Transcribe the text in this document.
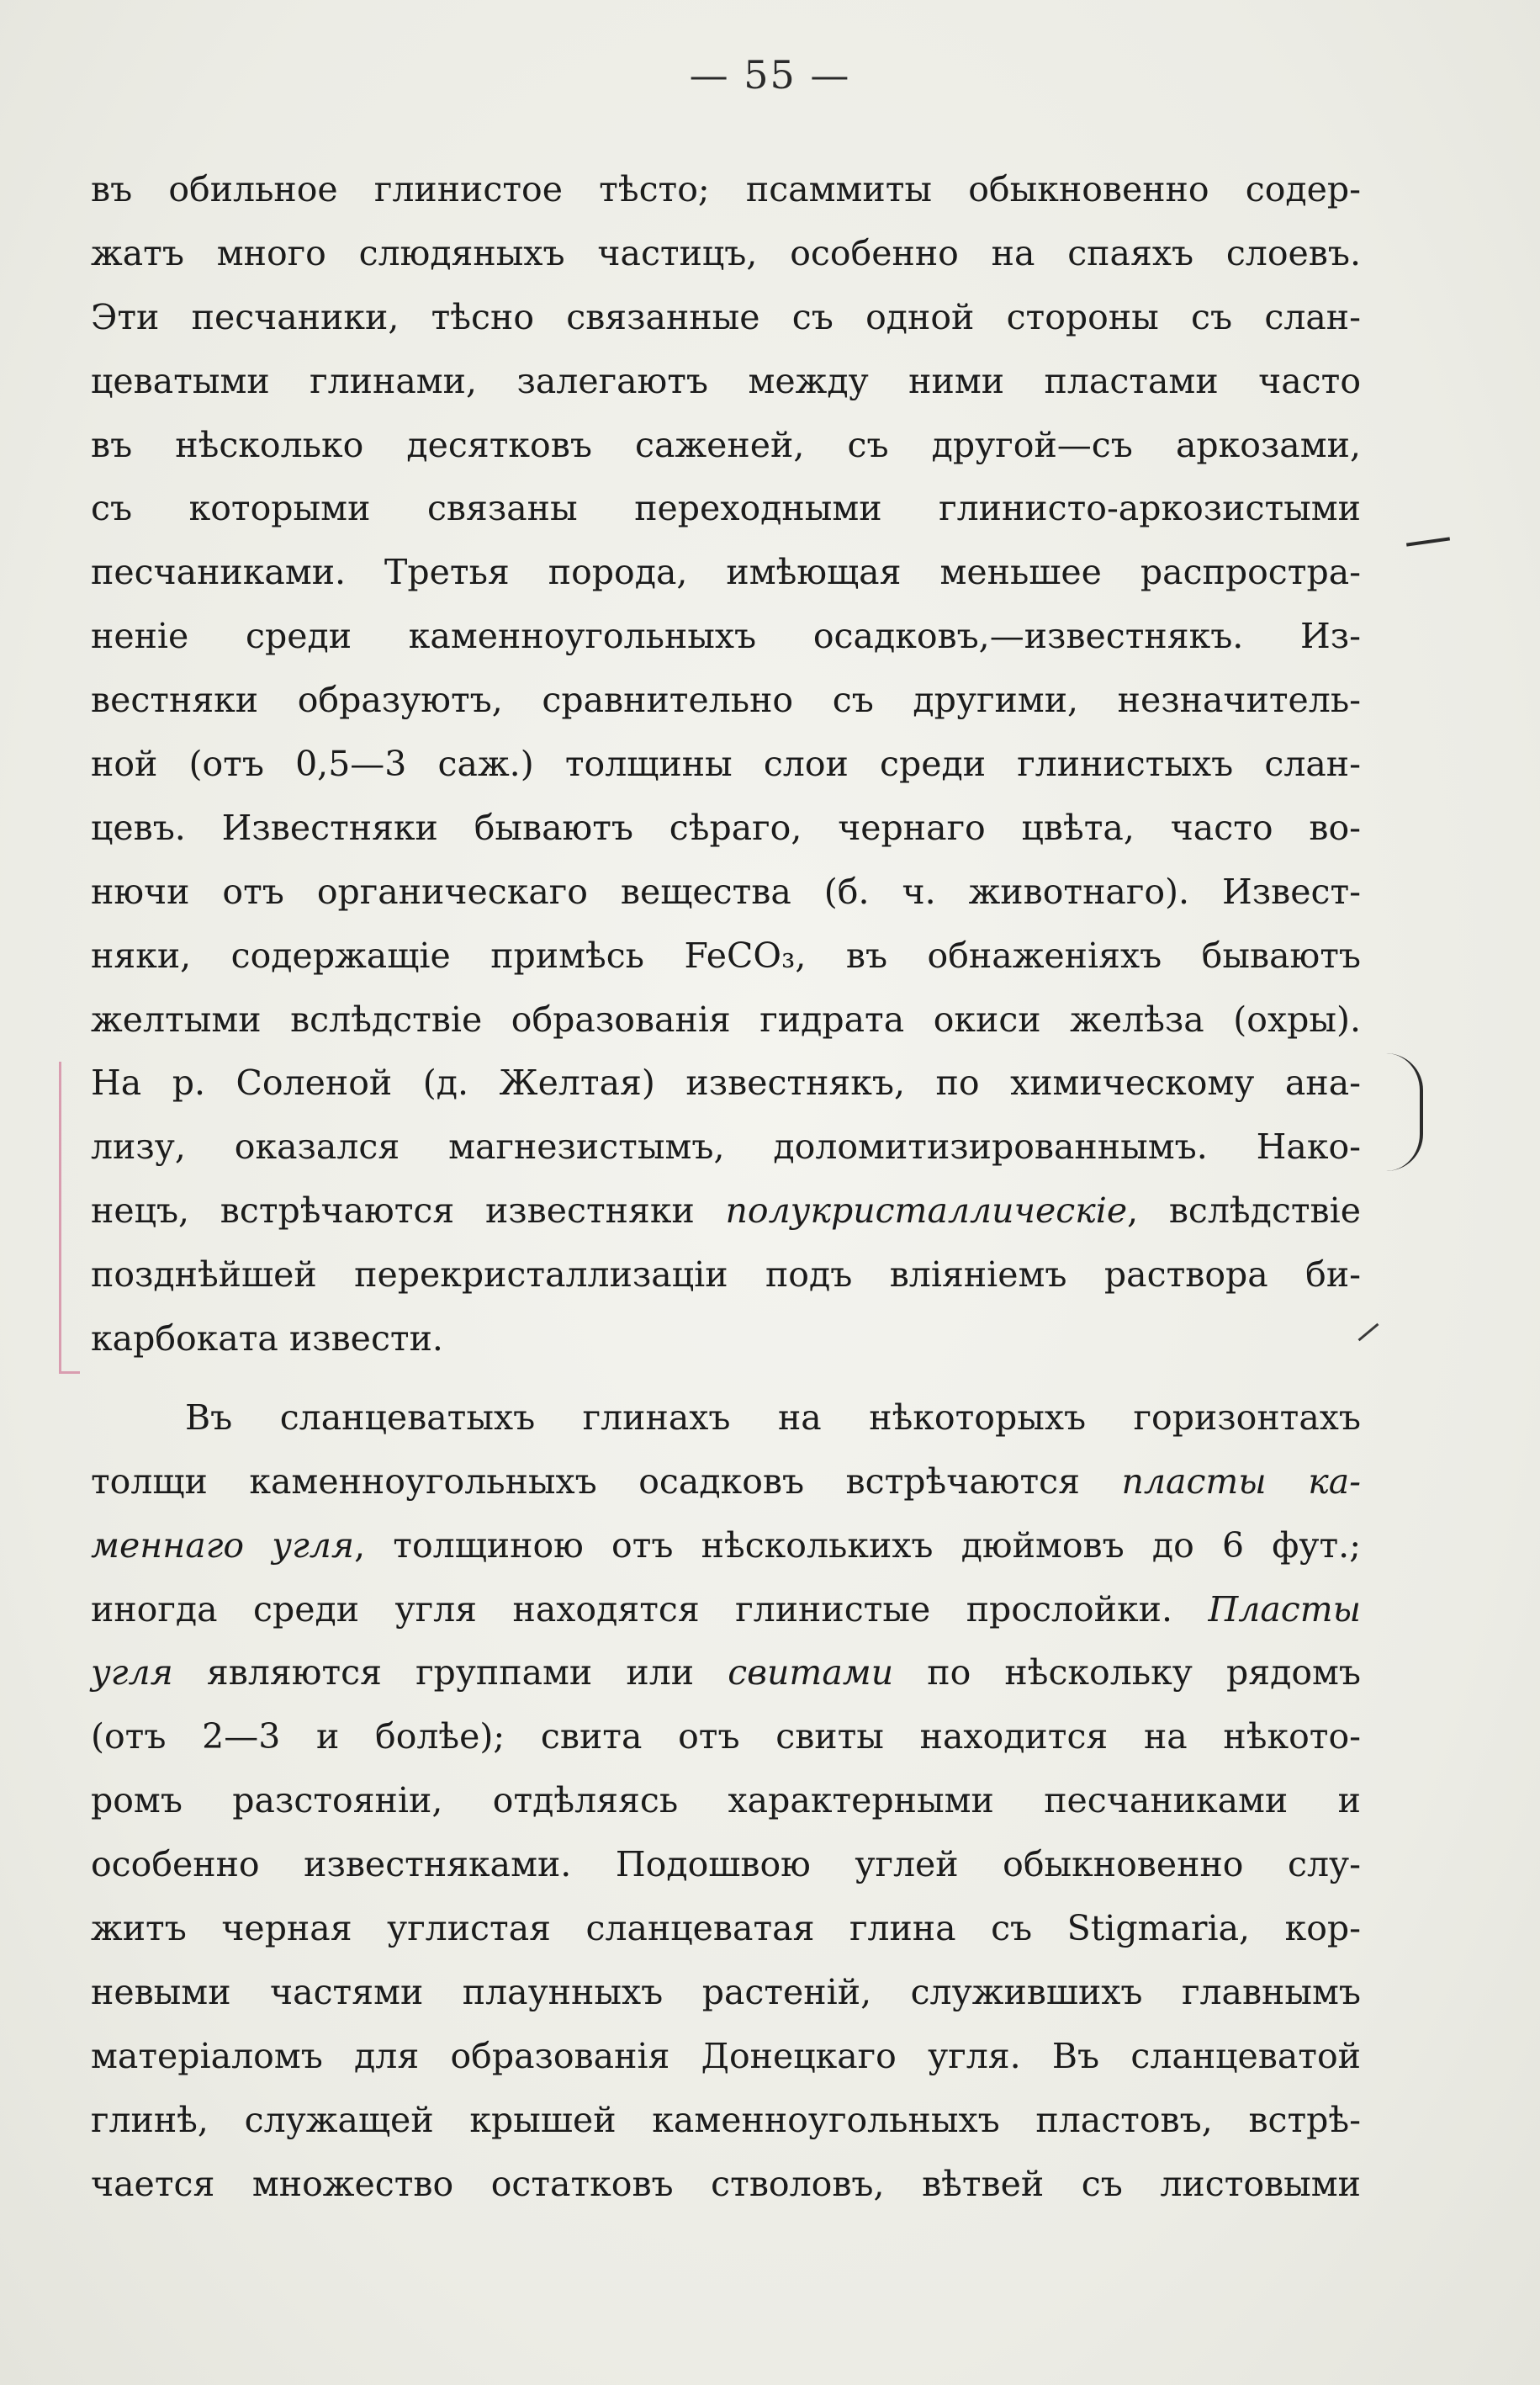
— 55 —
въ обильное глинистое тѣсто; псаммиты обыкновенно содер-
жатъ много слюдяныхъ частицъ, особенно на спаяхъ слоевъ.
Эти песчаники, тѣсно связанные съ одной стороны съ слан-
цеватыми глинами, залегаютъ между ними пластами часто
въ нѣсколько десятковъ саженей, съ другой—съ аркозами,
съ которыми связаны переходными глинисто-аркозистыми
песчаниками. Третья порода, имѣющая меньшее распростра-
неніе среди каменноугольныхъ осадковъ,—известнякъ. Из-
вестняки образуютъ, сравнительно съ другими, незначитель-
ной (отъ 0,5—3 саж.) толщины слои среди глинистыхъ слан-
цевъ. Известняки бываютъ сѣраго, чернаго цвѣта, часто во-
нючи отъ органическаго вещества (б. ч. животнаго). Извест-
няки, содержащіе примѣсь FeCO₃, въ обнаженіяхъ бываютъ
желтыми вслѣдствіе образованія гидрата окиси желѣза (охры).
На р. Соленой (д. Желтая) известнякъ, по химическому ана-
лизу, оказался магнезистымъ, доломитизированнымъ. Нако-
нецъ, встрѣчаются известняки полукристаллическіе, вслѣдствіе
позднѣйшей перекристаллизаціи подъ вліяніемъ раствора би-
карбоката извести.
Въ сланцеватыхъ глинахъ на нѣкоторыхъ горизонтахъ
толщи каменноугольныхъ осадковъ встрѣчаются пласты ка-
меннаго угля, толщиною отъ нѣсколькихъ дюймовъ до 6 фут.;
иногда среди угля находятся глинистые прослойки. Пласты
угля являются группами или свитами по нѣскольку рядомъ
(отъ 2—3 и болѣе); свита отъ свиты находится на нѣкото-
ромъ разстояніи, отдѣляясь характерными песчаниками и
особенно известняками. Подошвою углей обыкновенно слу-
житъ черная углистая сланцеватая глина съ Stigmaria, кор-
невыми частями плаунныхъ растеній, служившихъ главнымъ
матеріаломъ для образованія Донецкаго угля. Въ сланцеватой
глинѣ, служащей крышей каменноугольныхъ пластовъ, встрѣ-
чается множество остатковъ стволовъ, вѣтвей съ листовыми
